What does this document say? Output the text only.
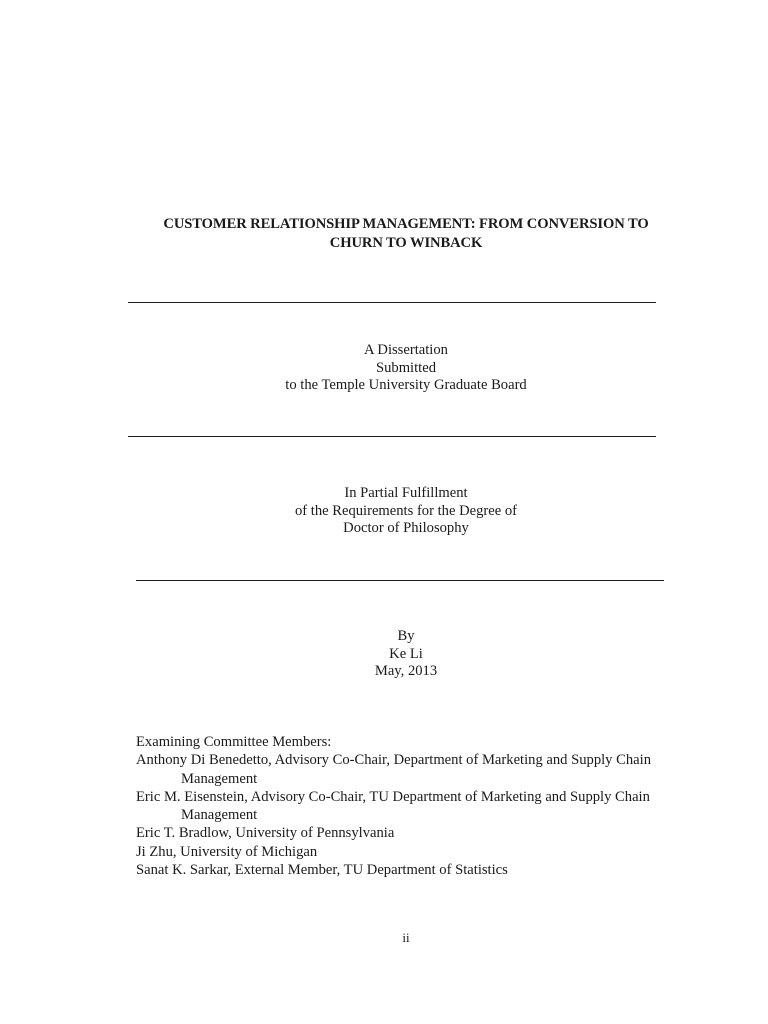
CUSTOMER RELATIONSHIP MANAGEMENT: FROM CONVERSION TO
CHURN TO WINBACK
A Dissertation
Submitted
to the Temple University Graduate Board
In Partial Fulfillment
of the Requirements for the Degree of
Doctor of Philosophy
By
Ke Li
May, 2013
Examining Committee Members:
Anthony Di Benedetto, Advisory Co-Chair, Department of Marketing and Supply Chain
Management
Eric M. Eisenstein, Advisory Co-Chair, TU Department of Marketing and Supply Chain
Management
Eric T. Bradlow, University of Pennsylvania
Ji Zhu, University of Michigan
Sanat K. Sarkar, External Member, TU Department of Statistics
ii
